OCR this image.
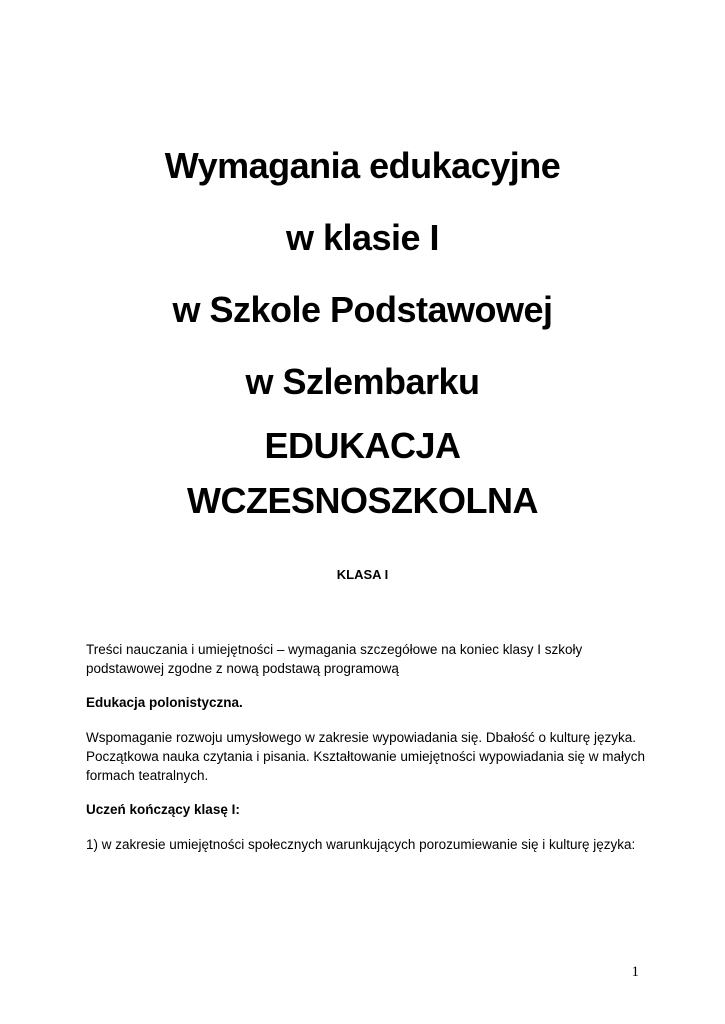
Wymagania edukacyjne
w klasie I
w Szkole Podstawowej
w Szlembarku
EDUKACJA
WCZESNOSZKOLNA
KLASA I
Treści nauczania i umiejętności – wymagania szczegółowe na koniec klasy I szkoły podstawowej zgodne z nową podstawą programową
Edukacja polonistyczna.
Wspomaganie rozwoju umysłowego w zakresie wypowiadania się. Dbałość o kulturę języka. Początkowa nauka czytania i pisania. Kształtowanie umiejętności wypowiadania się w małych formach teatralnych.
Uczeń kończący klasę I:
1) w zakresie umiejętności społecznych warunkujących porozumiewanie się i kulturę języka:
1
